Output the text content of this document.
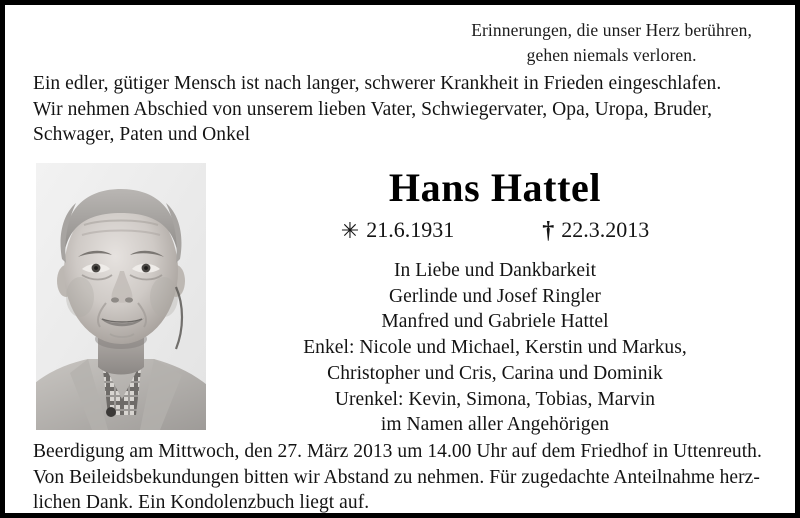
Erinnerungen, die unser Herz berühren,
gehen niemals verloren.
Ein edler, gütiger Mensch ist nach langer, schwerer Krankheit in Frieden eingeschlafen.
Wir nehmen Abschied von unserem lieben Vater, Schwiegervater, Opa, Uropa, Bruder,
Schwager, Paten und Onkel
Hans Hattel
✳ 21.6.1931	† 22.3.2013
In Liebe und Dankbarkeit
Gerlinde und Josef Ringler
Manfred und Gabriele Hattel
Enkel: Nicole und Michael, Kerstin und Markus,
Christopher und Cris, Carina und Dominik
Urenkel: Kevin, Simona, Tobias, Marvin
im Namen aller Angehörigen
Beerdigung am Mittwoch, den 27. März 2013 um 14.00 Uhr auf dem Friedhof in Uttenreuth.
Von Beileidsbekundungen bitten wir Abstand zu nehmen. Für zugedachte Anteilnahme herz-
lichen Dank. Ein Kondolenzbuch liegt auf.
